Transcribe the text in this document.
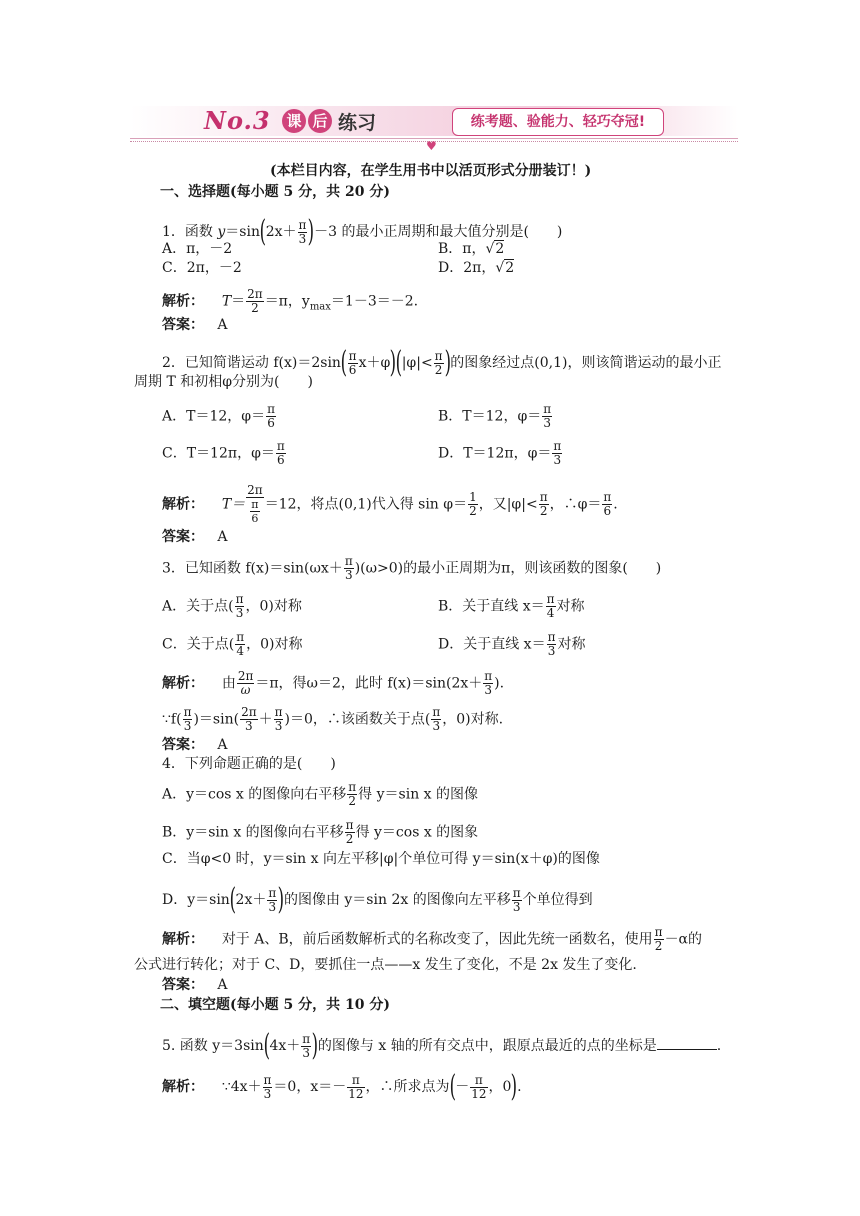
♥
No.3 课 后 练习	练考题、验能力、轻巧夺冠!
(本栏目内容，在学生用书中以活页形式分册装订！)
一、选择题(每小题 5 分，共 20 分)
1．函数 $y=\sin(2x+ \frac{\pi}{3} )-3$ 的最小正周期和最大值分别是(　　)
A．π，－2	B．π，√2
C．2π，－2	D．2π，√2
解析： $T= \frac{2\pi}{2} =\pi$，$y_{max}=1-3=-2$.
答案： A
2．已知简谐运动 $f(x)=2\sin( \frac{\pi}{6} x+\varphi)(|\varphi|< \frac{\pi}{2}$ )的图象经过点(0,1)，则该简谐运动的最小正
周期 T 和初相φ分别为(　　)
A．T＝12，$\varphi= \frac{\pi}{6}$	B．T＝12，$\varphi= \frac{\pi}{3}$
C．T＝12π，$\varphi= \frac{\pi}{6}$	D．T＝12π，$\varphi= \frac{\pi}{3}$
解析： $T= \frac{2\pi}{\frac{\pi}{6}} =12$，将点(0,1)代入得 $\sin \varphi= \frac{1}{2}$ ，又$|\varphi|< \frac{\pi}{2}$ ，∴φ＝ $\frac{\pi}{6}$ .
答案： A
3．已知函数 $f(x)=\sin(\omega x+ \frac{\pi}{3} )(\omega>0)$的最小正周期为π，则该函数的图象(　　)
A．关于点( $\frac{\pi}{3}$ ，0)对称	B．关于直线 $x= \frac{\pi}{4}$ 对称
C．关于点( $\frac{\pi}{4}$ ，0)对称	D．关于直线 $x= \frac{\pi}{3}$ 对称
解析： 由 $\frac{2\pi}{\omega} =\pi$，得ω＝2，此时 $f(x)=\sin(2x+ \frac{\pi}{3}$ ).
∵f( $\frac{\pi}{3} )=\sin( \frac{2\pi}{3} + \frac{\pi}{3} )=0$，∴该函数关于点( $\frac{\pi}{3}$ ，0)对称.
答案： A
4．下列命题正确的是(　　)
A．y＝cos x 的图像向右平移 $\frac{\pi}{2}$ 得 y＝sin x 的图像
B．y＝sin x 的图像向右平移 $\frac{\pi}{2}$ 得 y＝cos x 的图象
C．当φ<0 时，y＝sin x 向左平移|φ|个单位可得 y＝sin(x＋φ)的图像
D．$y=\sin(2x+ \frac{\pi}{3}$ )的图像由 y＝sin 2x 的图像向左平移 $\frac{\pi}{3}$ 个单位得到
解析： 对于 A、B，前后函数解析式的名称改变了，因此先统一函数名，使用 $\frac{\pi}{2} -\alpha$的
公式进行转化；对于 C、D，要抓住一点——x 发生了变化，不是 2x 发生了变化.
答案： A
二、填空题(每小题 5 分，共 10 分)
5. 函数 $y=3\sin(4x+ \frac{\pi}{3}$ )的图像与 x 轴的所有交点中，跟原点最近的点的坐标是	.
解析： ∵4x＋ $\frac{\pi}{3} =0$，$x=- \frac{\pi}{12}$ ，∴所求点为(－ $\frac{\pi}{12}$ ，0).
